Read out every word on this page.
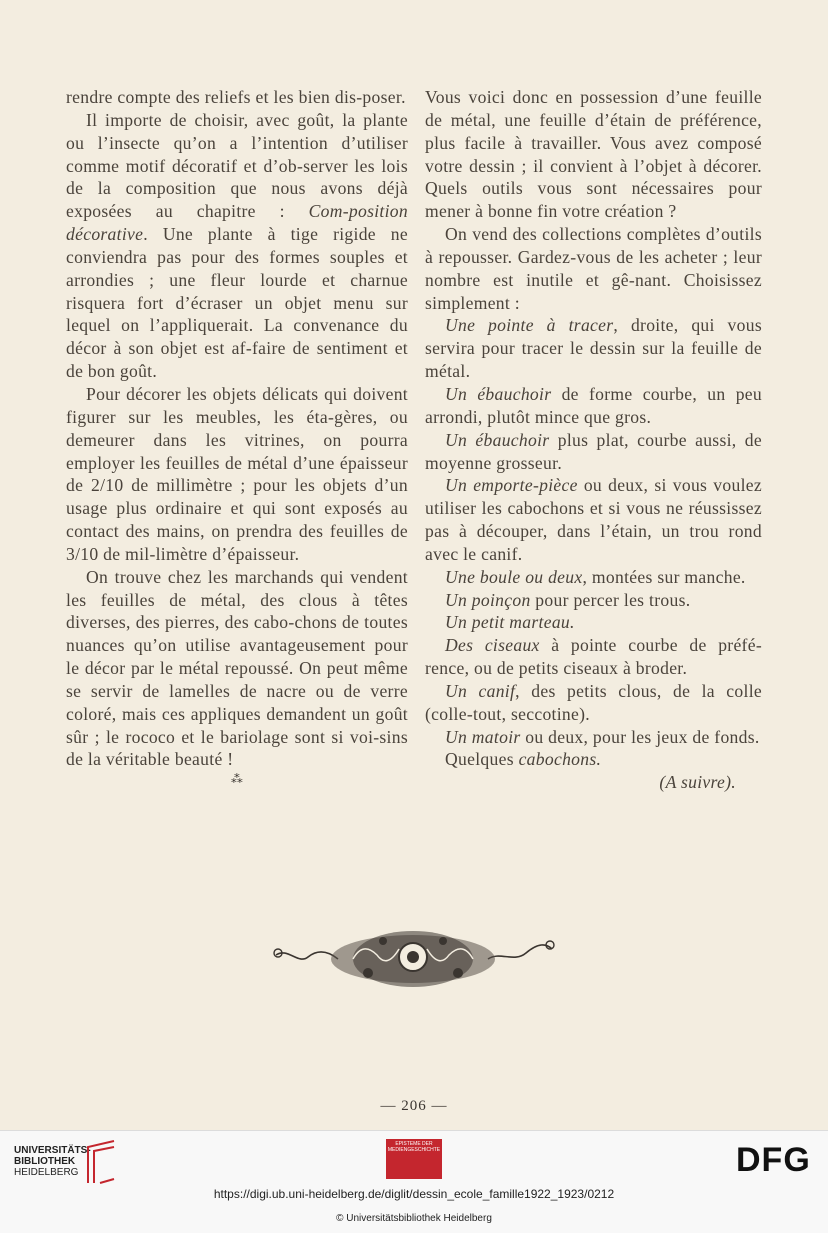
rendre compte des reliefs et les bien dis-poser.

Il importe de choisir, avec goût, la plante ou l’insecte qu’on a l’intention d’utiliser comme motif décoratif et d’ob-server les lois de la composition que nous avons déjà exposées au chapitre : Com-position décorative. Une plante à tige rigide ne conviendra pas pour des formes souples et arrondies ; une fleur lourde et charnue risquera fort d’écraser un objet menu sur lequel on l’appliquerait. La convenance du décor à son objet est af-faire de sentiment et de bon goût.

Pour décorer les objets délicats qui doivent figurer sur les meubles, les éta-gères, ou demeurer dans les vitrines, on pourra employer les feuilles de métal d’une épaisseur de 2/10 de millimètre ; pour les objets d’un usage plus ordinaire et qui sont exposés au contact des mains, on prendra des feuilles de 3/10 de mil-limètre d’épaisseur.

On trouve chez les marchands qui vendent les feuilles de métal, des clous à têtes diverses, des pierres, des cabo-chons de toutes nuances qu’on utilise avantageusement pour le décor par le métal repoussé. On peut même se servir de lamelles de nacre ou de verre coloré, mais ces appliques demandent un goût sûr ; le rococo et le bariolage sont si voi-sins de la véritable beauté !

⁂

Vous voici donc en possession d’une feuille de métal, une feuille d’étain de préférence, plus facile à travailler. Vous avez composé votre dessin ; il convient à l’objet à décorer. Quels outils vous sont nécessaires pour mener à bonne fin votre création ?

On vend des collections complètes d’outils à repousser. Gardez-vous de les acheter ; leur nombre est inutile et gê-nant. Choisissez simplement :

Une pointe à tracer, droite, qui vous servira pour tracer le dessin sur la feuille de métal.

Un ébauchoir de forme courbe, un peu arrondi, plutôt mince que gros.

Un ébauchoir plus plat, courbe aussi, de moyenne grosseur.

Un emporte-pièce ou deux, si vous voulez utiliser les cabochons et si vous ne réussissez pas à découper, dans l’étain, un trou rond avec le canif.

Une boule ou deux, montées sur manche.

Un poinçon pour percer les trous.

Un petit marteau.

Des ciseaux à pointe courbe de préfé-rence, ou de petits ciseaux à broder.

Un canif, des petits clous, de la colle (colle-tout, seccotine).

Un matoir ou deux, pour les jeux de fonds.

Quelques cabochons.

(A suivre).

— 206 —
UNIVERSITÄTS-
BIBLIOTHEK
HEIDELBERG
EPISTEME DER MEDIENGESCHICHTE	DFG
https://digi.ub.uni-heidelberg.de/diglit/dessin_ecole_famille1922_1923/0212
© Universitätsbibliothek Heidelberg
